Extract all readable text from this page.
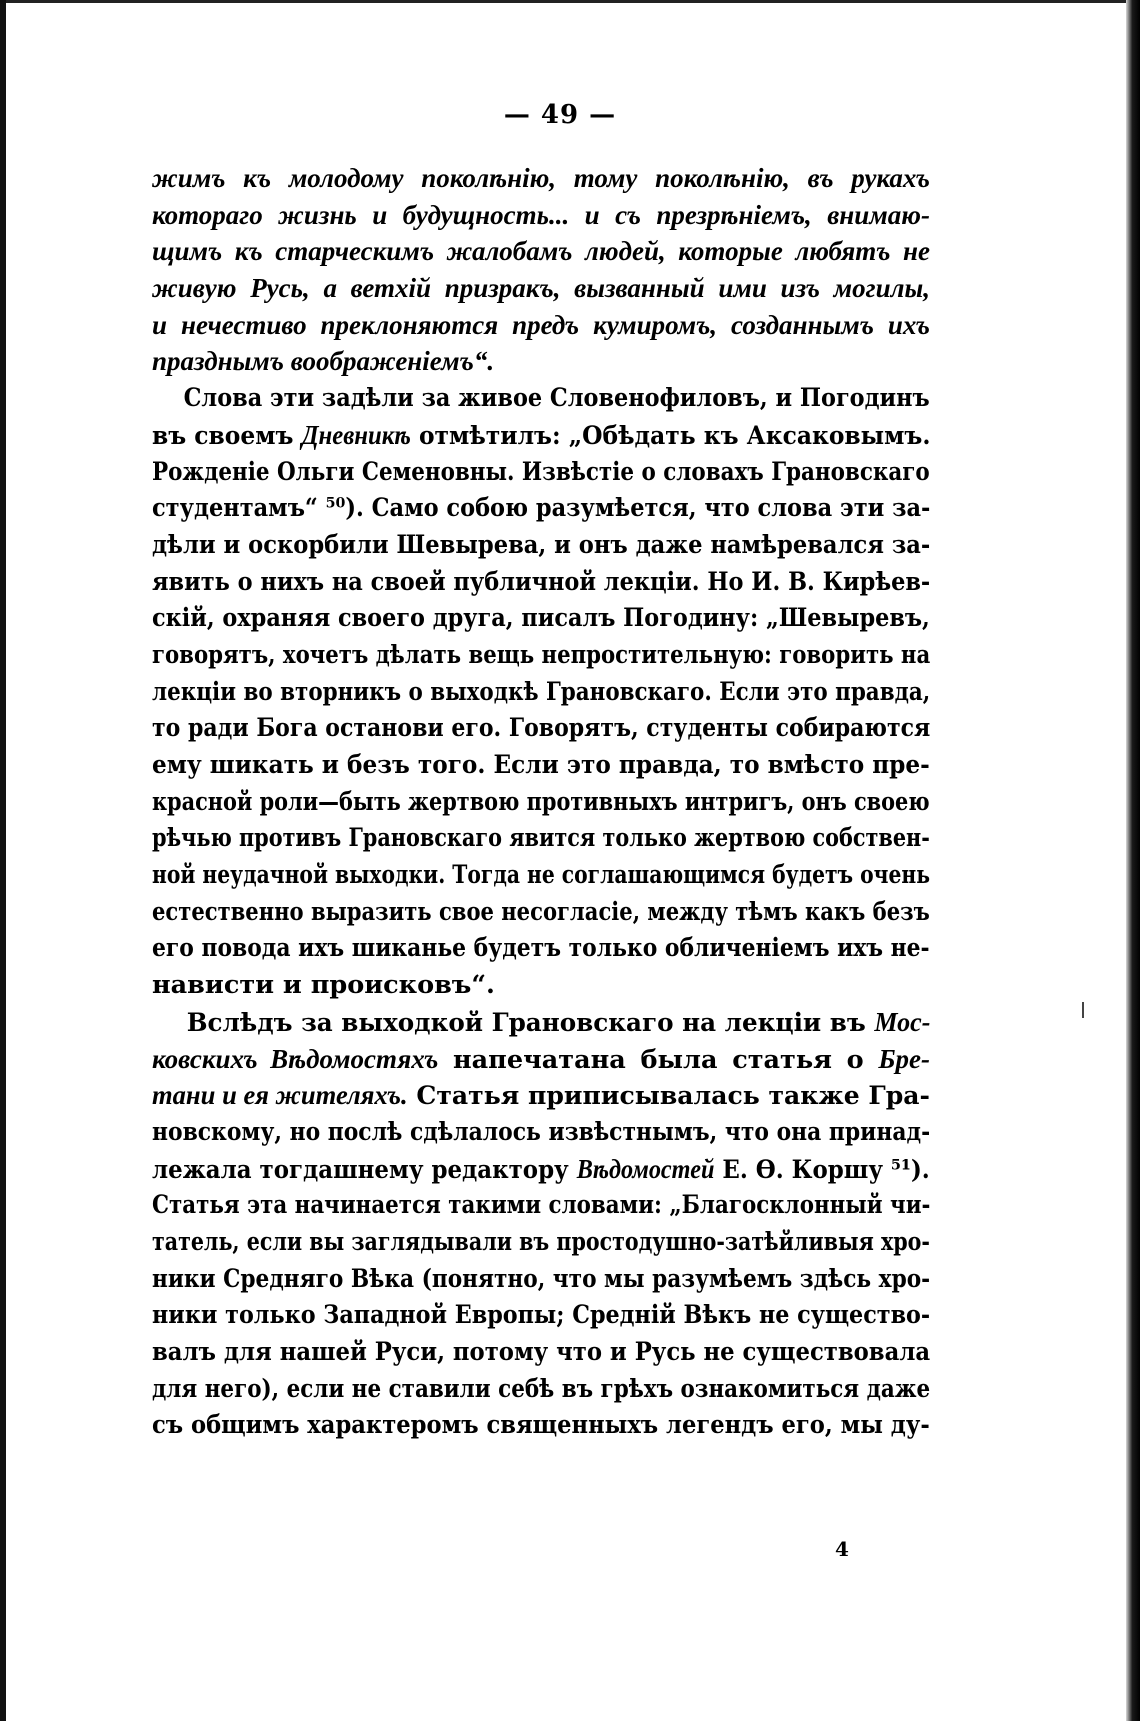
— 49 —
жимъ къ молодому поколѣнію, тому поколѣнію, въ рукахъ
котораго жизнь и будущность... и съ презрѣніемъ, внимаю-
щимъ къ старческимъ жалобамъ людей, которые любятъ не
живую Русь, а ветхій призракъ, вызванный ими изъ могилы,
и нечестиво преклоняются предъ кумиромъ, созданнымъ ихъ
празднымъ воображеніемъ“.
Слова эти задѣли за живое Словенофиловъ, и Погодинъ
въ своемъ Дневникѣ отмѣтилъ: „Обѣдать къ Аксаковымъ.
Рожденіе Ольги Семеновны. Извѣстіе о словахъ Грановскаго
студентамъ“ ⁵⁰). Само собою разумѣется, что слова эти за-
дѣли и оскорбили Шевырева, и онъ даже намѣревался за-
явить о нихъ на своей публичной лекціи. Но И. В. Кирѣев-
скій, охраняя своего друга, писалъ Погодину: „Шевыревъ,
говорятъ, хочетъ дѣлать вещь непростительную: говорить на
лекціи во вторникъ о выходкѣ Грановскаго. Если это правда,
то ради Бога останови его. Говорятъ, студенты собираются
ему шикать и безъ того. Если это правда, то вмѣсто пре-
красной роли—быть жертвою противныхъ интригъ, онъ своею
рѣчью противъ Грановскаго явится только жертвою собствен-
ной неудачной выходки. Тогда не соглашающимся будетъ очень
естественно выразить свое несогласіе, между тѣмъ какъ безъ
его повода ихъ шиканье будетъ только обличеніемъ ихъ не-
нависти и происковъ“.
Вслѣдъ за выходкой Грановскаго на лекціи въ Мос-
ковскихъ Вѣдомостяхъ напечатана была статья о Бре-
тани и ея жителяхъ. Статья приписывалась также Гра-
новскому, но послѣ сдѣлалось извѣстнымъ, что она принад-
лежала тогдашнему редактору Вѣдомостей Е. Ѳ. Коршу ⁵¹).
Статья эта начинается такими словами: „Благосклонный чи-
татель, если вы заглядывали въ простодушно-затѣйливыя хро-
ники Средняго Вѣка (понятно, что мы разумѣемъ здѣсь хро-
ники только Западной Европы; Средній Вѣкъ не существо-
валъ для нашей Руси, потому что и Русь не существовала
для него), если не ставили себѣ въ грѣхъ ознакомиться даже
съ общимъ характеромъ священныхъ легендъ его, мы ду-
4
